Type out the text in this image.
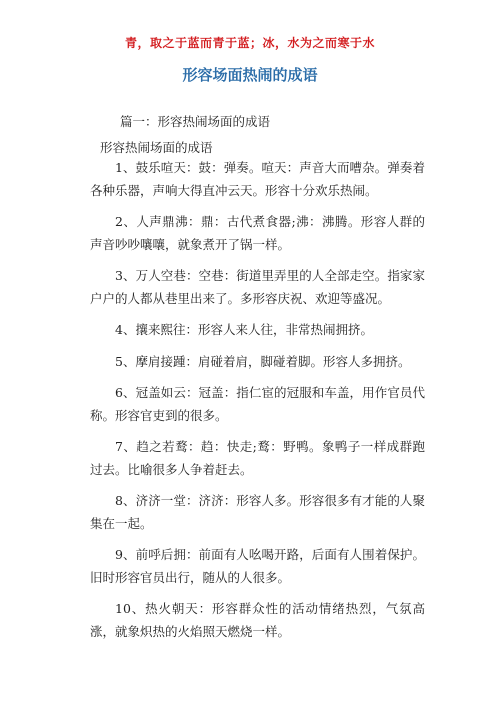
青，取之于蓝而青于蓝；冰，水为之而寒于水
形容场面热闹的成语
篇一：形容热闹场面的成语
形容热闹场面的成语
1、鼓乐喧天：鼓：弹奏。喧天：声音大而嘈杂。弹奏着各种乐器，声响大得直冲云天。形容十分欢乐热闹。
2、人声鼎沸：鼎：古代煮食器;沸：沸腾。形容人群的声音吵吵嚷嚷，就象煮开了锅一样。
3、万人空巷：空巷：街道里弄里的人全部走空。指家家户户的人都从巷里出来了。多形容庆祝、欢迎等盛况。
4、攘来熙往：形容人来人往，非常热闹拥挤。
5、摩肩接踵：肩碰着肩，脚碰着脚。形容人多拥挤。
6、冠盖如云：冠盖：指仁宦的冠服和车盖，用作官员代称。形容官吏到的很多。
7、趋之若鹜：趋：快走;鹜：野鸭。象鸭子一样成群跑过去。比喻很多人争着赶去。
8、济济一堂：济济：形容人多。形容很多有才能的人聚集在一起。
9、前呼后拥：前面有人吆喝开路，后面有人围着保护。旧时形容官员出行，随从的人很多。
10、热火朝天：形容群众性的活动情绪热烈，气氛高涨，就象炽热的火焰照天燃烧一样。
